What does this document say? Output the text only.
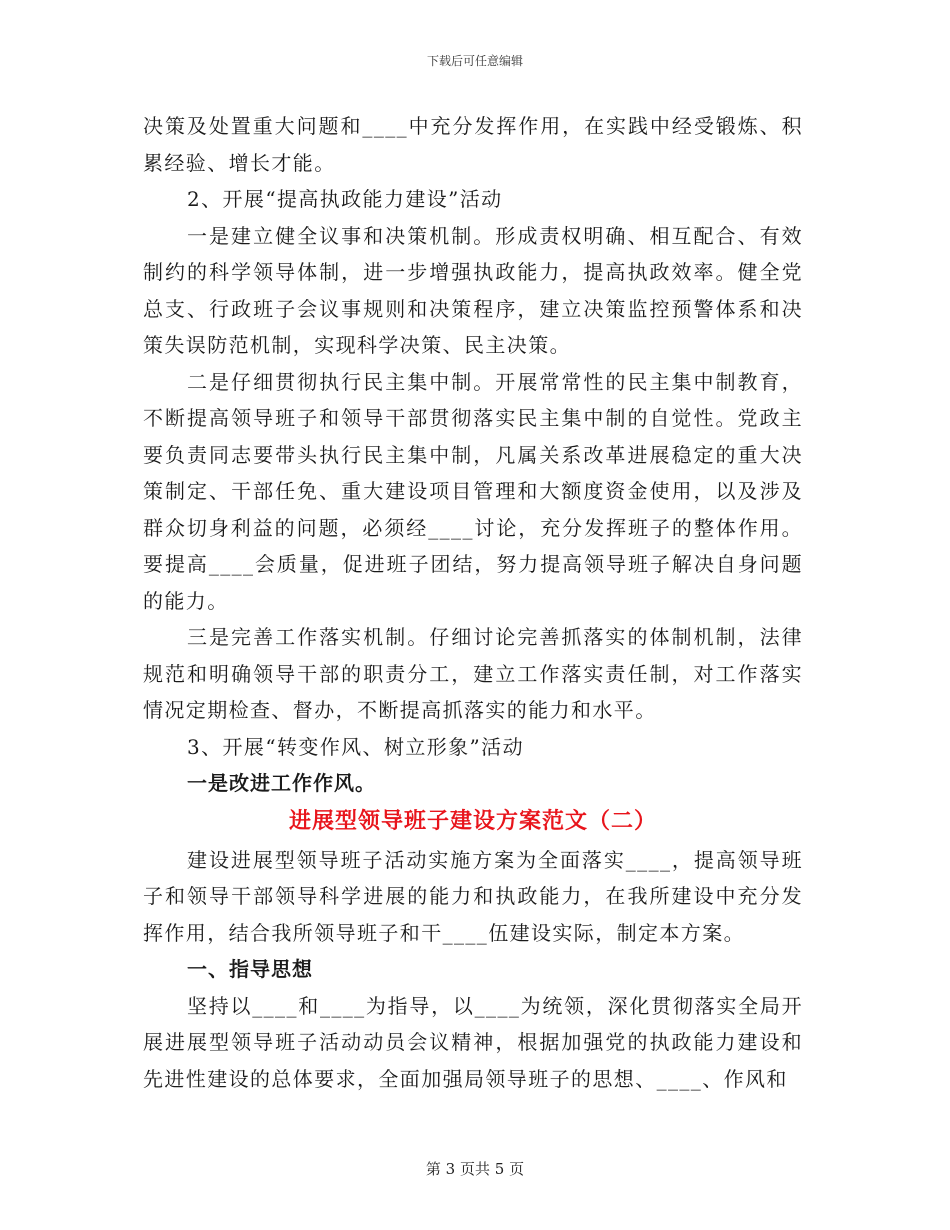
下载后可任意编辑

决策及处置重大问题和____中充分发挥作用，在实践中经受锻炼、积累经验、增长才能。

2、开展“提高执政能力建设”活动

一是建立健全议事和决策机制。形成责权明确、相互配合、有效制约的科学领导体制，进一步增强执政能力，提高执政效率。健全党总支、行政班子会议事规则和决策程序，建立决策监控预警体系和决策失误防范机制，实现科学决策、民主决策。

二是仔细贯彻执行民主集中制。开展常常性的民主集中制教育，不断提高领导班子和领导干部贯彻落实民主集中制的自觉性。党政主要负责同志要带头执行民主集中制，凡属关系改革进展稳定的重大决策制定、干部任免、重大建设项目管理和大额度资金使用，以及涉及群众切身利益的问题，必须经____讨论，充分发挥班子的整体作用。要提高____会质量，促进班子团结，努力提高领导班子解决自身问题的能力。

三是完善工作落实机制。仔细讨论完善抓落实的体制机制，法律规范和明确领导干部的职责分工，建立工作落实责任制，对工作落实情况定期检查、督办，不断提高抓落实的能力和水平。

3、开展“转变作风、树立形象”活动

一是改进工作作风。

进展型领导班子建设方案范文（二）

建设进展型领导班子活动实施方案为全面落实____，提高领导班子和领导干部领导科学进展的能力和执政能力，在我所建设中充分发挥作用，结合我所领导班子和干____伍建设实际，制定本方案。

一、指导思想

坚持以____和____为指导，以____为统领，深化贯彻落实全局开展进展型领导班子活动动员会议精神，根据加强党的执政能力建设和先进性建设的总体要求，全面加强局领导班子的思想、____、作风和

第 3 页共 5 页
